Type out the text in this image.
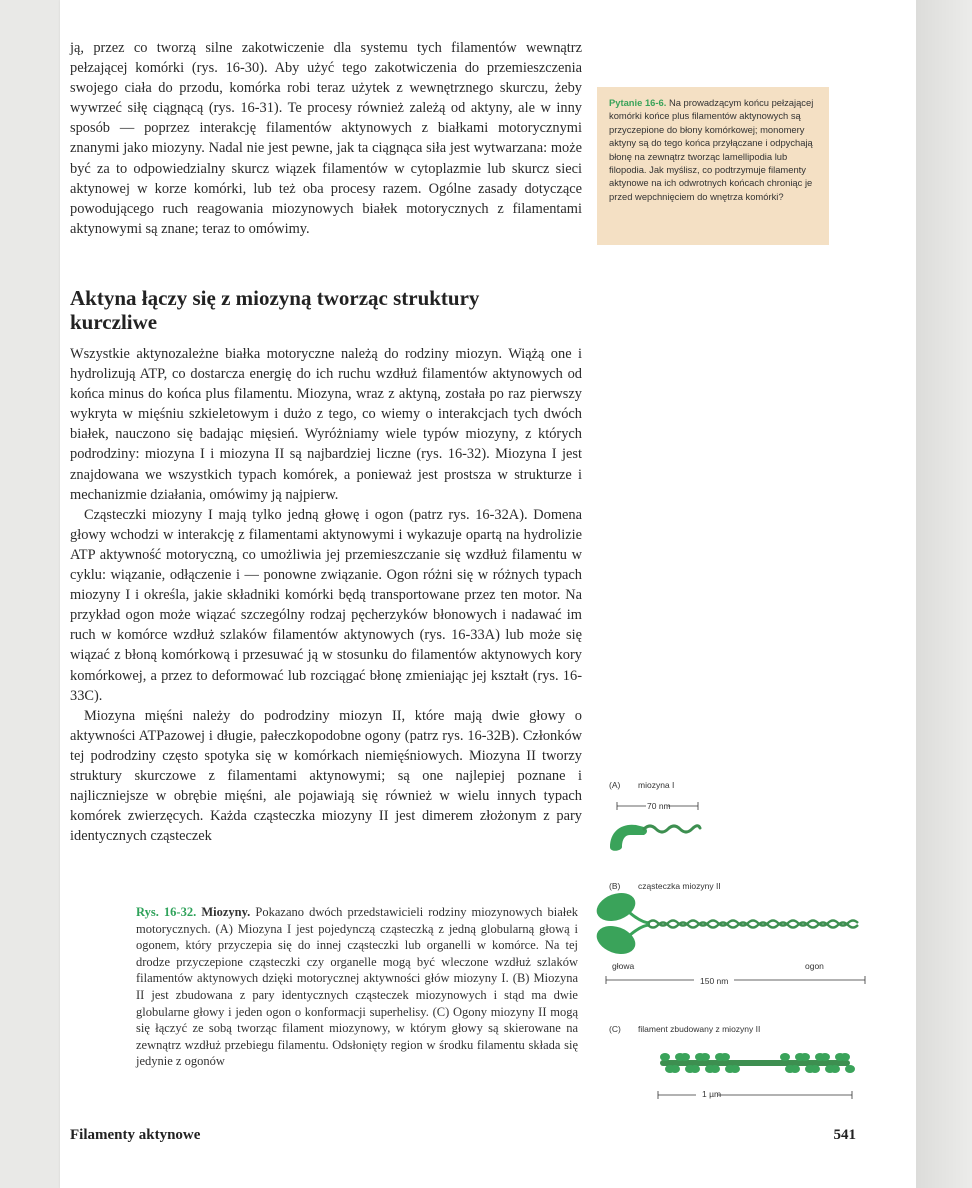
ją, przez co tworzą silne zakotwiczenie dla systemu tych filamentów wewnątrz pełzającej komórki (rys. 16-30). Aby użyć tego zakotwiczenia do przemieszczenia swojego ciała do przodu, komórka robi teraz użytek z wewnętrznego skurczu, żeby wywrzeć siłę ciągnącą (rys. 16-31). Te procesy również zależą od aktyny, ale w inny sposób — poprzez interakcję filamentów aktynowych z białkami motorycznymi znanymi jako miozyny. Nadal nie jest pewne, jak ta ciągnąca siła jest wytwarzana: może być za to odpowiedzialny skurcz wiązek filamentów w cytoplazmie lub skurcz sieci aktynowej w korze komórki, lub też oba procesy razem. Ogólne zasady dotyczące powodującego ruch reagowania miozynowych białek motorycznych z filamentami aktynowymi są znane; teraz to omówimy.

Aktyna łączy się z miozyną tworząc struktury kurczliwe

Wszystkie aktynozależne białka motoryczne należą do rodziny miozyn. Wiążą one i hydrolizują ATP, co dostarcza energię do ich ruchu wzdłuż filamentów aktynowych od końca minus do końca plus filamentu. Miozyna, wraz z aktyną, została po raz pierwszy wykryta w mięśniu szkieletowym i dużo z tego, co wiemy o interakcjach tych dwóch białek, nauczono się badając mięsień. Wyróżniamy wiele typów miozyny, z których podrodziny: miozyna I i miozyna II są najbardziej liczne (rys. 16-32). Miozyna I jest znajdowana we wszystkich typach komórek, a ponieważ jest prostsza w strukturze i mechanizmie działania, omówimy ją najpierw.

Cząsteczki miozyny I mają tylko jedną głowę i ogon (patrz rys. 16-32A). Domena głowy wchodzi w interakcję z filamentami aktynowymi i wykazuje opartą na hydrolizie ATP aktywność motoryczną, co umożliwia jej przemieszczanie się wzdłuż filamentu w cyklu: wiązanie, odłączenie i — ponowne związanie. Ogon różni się w różnych typach miozyny I i określa, jakie składniki komórki będą transportowane przez ten motor. Na przykład ogon może wiązać szczególny rodzaj pęcherzyków błonowych i nadawać im ruch w komórce wzdłuż szlaków filamentów aktynowych (rys. 16-33A) lub może się wiązać z błoną komórkową i przesuwać ją w stosunku do filamentów aktynowych kory komórkowej, a przez to deformować lub rozciągać błonę zmieniając jej kształt (rys. 16-33C).

Miozyna mięśni należy do podrodziny miozyn II, które mają dwie głowy o aktywności ATPazowej i długie, pałeczkopodobne ogony (patrz rys. 16-32B). Członków tej podrodziny często spotyka się w komórkach niemięśniowych. Miozyna II tworzy struktury skurczowe z filamentami aktynowymi; są one najlepiej poznane i najliczniejsze w obrębie mięśni, ale pojawiają się również w wielu innych typach komórek zwierzęcych. Każda cząsteczka miozyny II jest dimerem złożonym z pary identycznych cząsteczek

Pytanie 16-6. Na prowadzącym końcu pełzającej komórki końce plus filamentów aktynowych są przyczepione do błony komórkowej; monomery aktyny są do tego końca przyłączane i odpychają błonę na zewnątrz tworząc lamellipodia lub filopodia. Jak myślisz, co podtrzymuje filamenty aktynowe na ich odwrotnych końcach chroniąc je przed wepchnięciem do wnętrza komórki?
(A) miozyna I
70 nm
(B) cząsteczka miozyny II
głowa	ogon
150 nm
(C) filament zbudowany z miozyny II
1 µm
Rys. 16-32. Miozyny. Pokazano dwóch przedstawicieli rodziny miozynowych białek motorycznych. (A) Miozyna I jest pojedynczą cząsteczką z jedną globularną głową i ogonem, który przyczepia się do innej cząsteczki lub organelli w komórce. Na tej drodze przyczepione cząsteczki czy organelle mogą być wleczone wzdłuż szlaków filamentów aktynowych dzięki motorycznej aktywności głów miozyny I. (B) Miozyna II jest zbudowana z pary identycznych cząsteczek miozynowych i stąd ma dwie globularne głowy i jeden ogon o konformacji superhelisy. (C) Ogony miozyny II mogą się łączyć ze sobą tworząc filament miozynowy, w którym głowy są skierowane na zewnątrz wzdłuż przebiegu filamentu. Odsłonięty region w środku filamentu składa się jedynie z ogonów
Filamenty aktynowe	541
